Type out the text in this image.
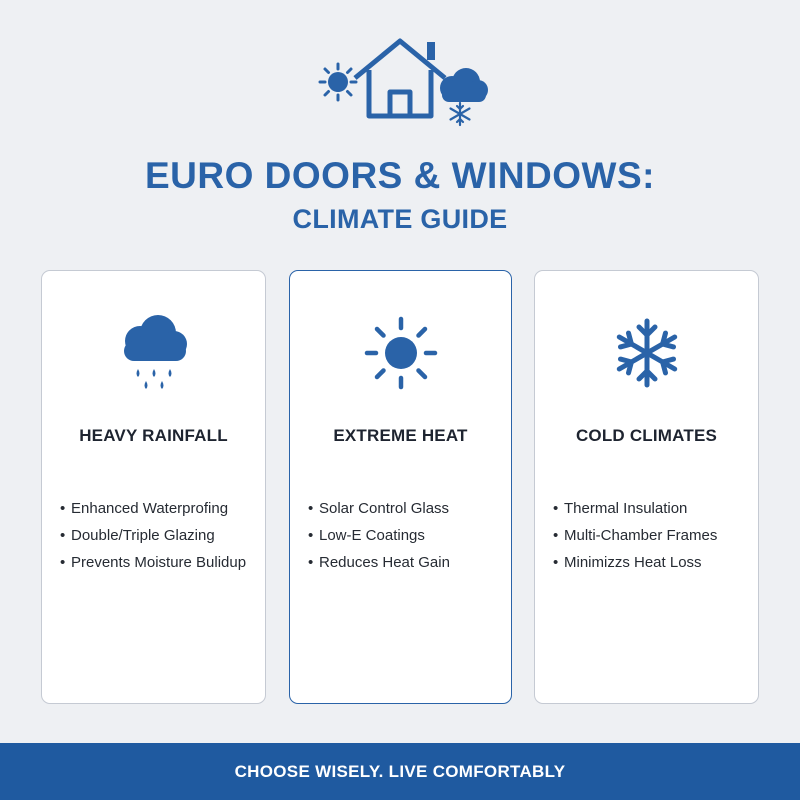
EURO DOORS & WINDOWS:
CLIMATE GUIDE
HEAVY RAINFALL
• Enhanced Waterprofing
• Double/Triple Glazing
• Prevents Moisture Bulidup
EXTREME HEAT
• Solar Control Glass
• Low-E Coatings
• Reduces Heat Gain
COLD CLIMATES
• Thermal Insulation
• Multi-Chamber Frames
• Minimizzs Heat Loss
CHOOSE WISELY. LIVE COMFORTABLY
